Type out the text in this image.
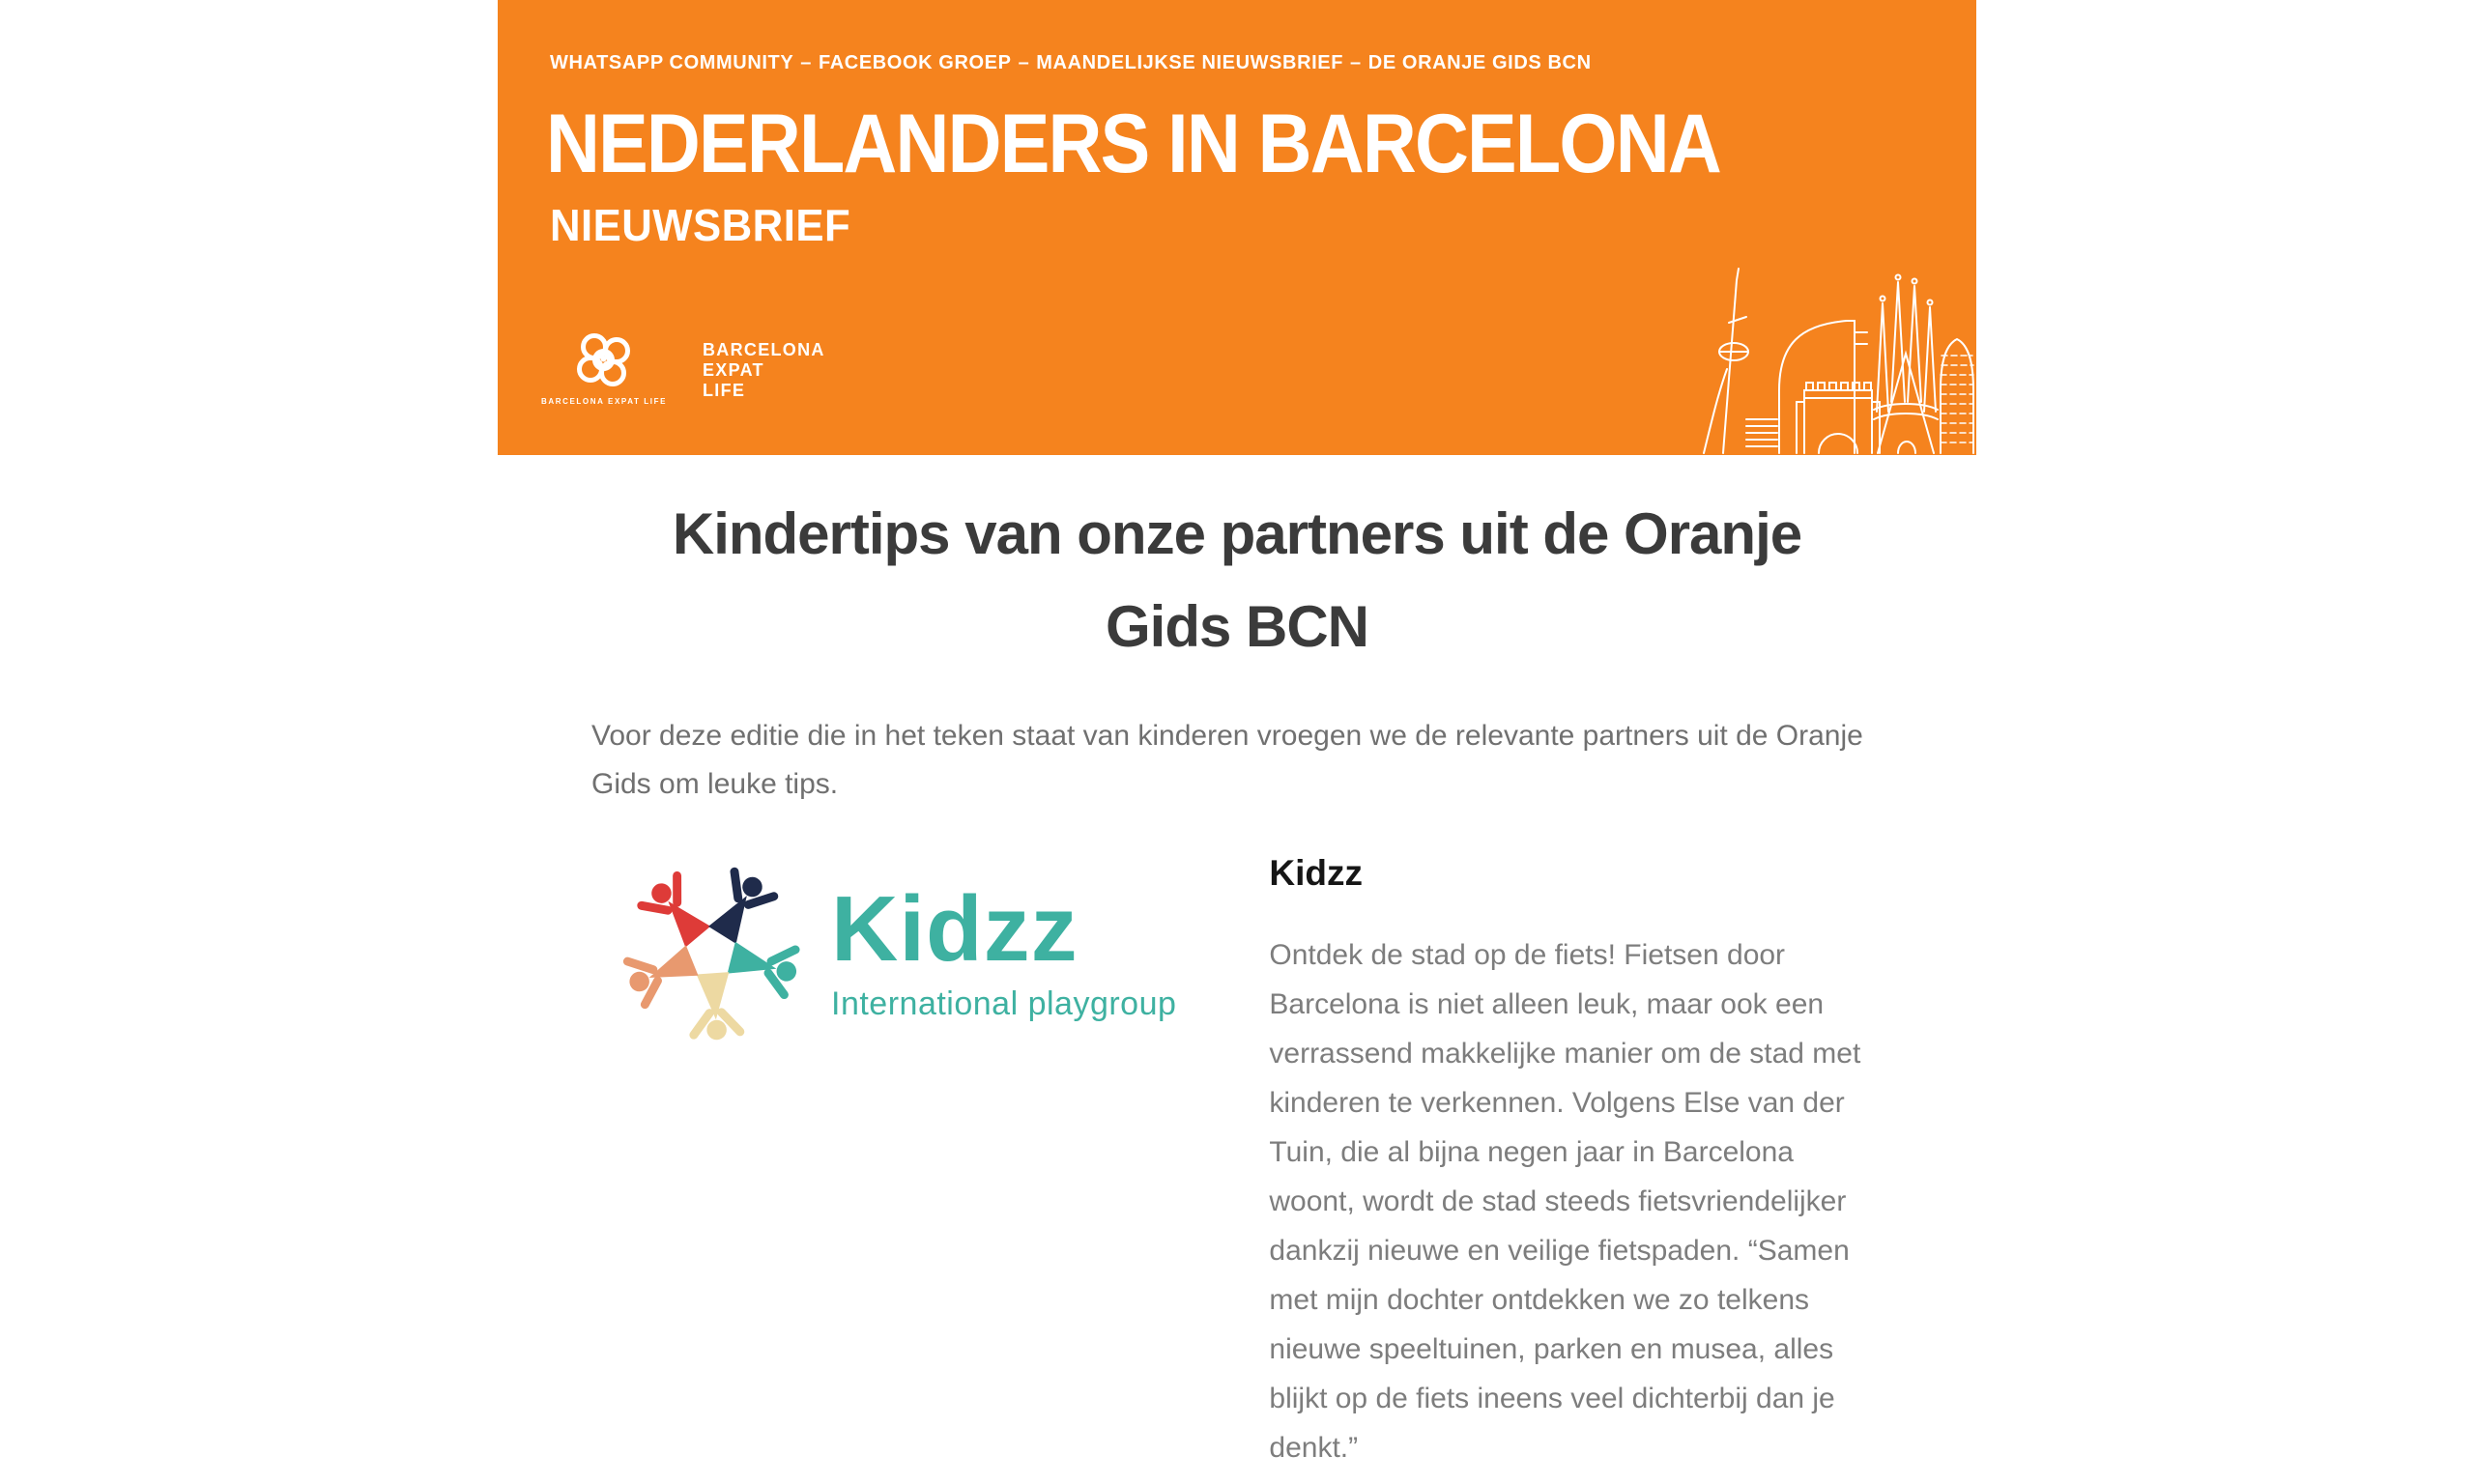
WHATSAPP COMMUNITY – FACEBOOK GROEP – MAANDELIJKSE NIEUWSBRIEF – DE ORANJE GIDS BCN
NEDERLANDERS IN BARCELONA
NIEUWSBRIEF
BARCELONA EXPAT LIFE
BARCELONA
EXPAT
LIFE
Kindertips van onze partners uit de Oranje
Gids BCN

Voor deze editie die in het teken staat van kinderen vroegen we de relevante partners uit de Oranje Gids om leuke tips.

Kidzz
International playgroup
Kidzz

Ontdek de stad op de fiets! Fietsen door Barcelona is niet alleen leuk, maar ook een verrassend makkelijke manier om de stad met kinderen te verkennen. Volgens Else van der Tuin, die al bijna negen jaar in Barcelona woont, wordt de stad steeds fietsvriendelijker dankzij nieuwe en veilige fietspaden. “Samen met mijn dochter ontdekken we zo telkens nieuwe speeltuinen, parken en musea, alles blijkt op de fiets ineens veel dichterbij dan je denkt.”
